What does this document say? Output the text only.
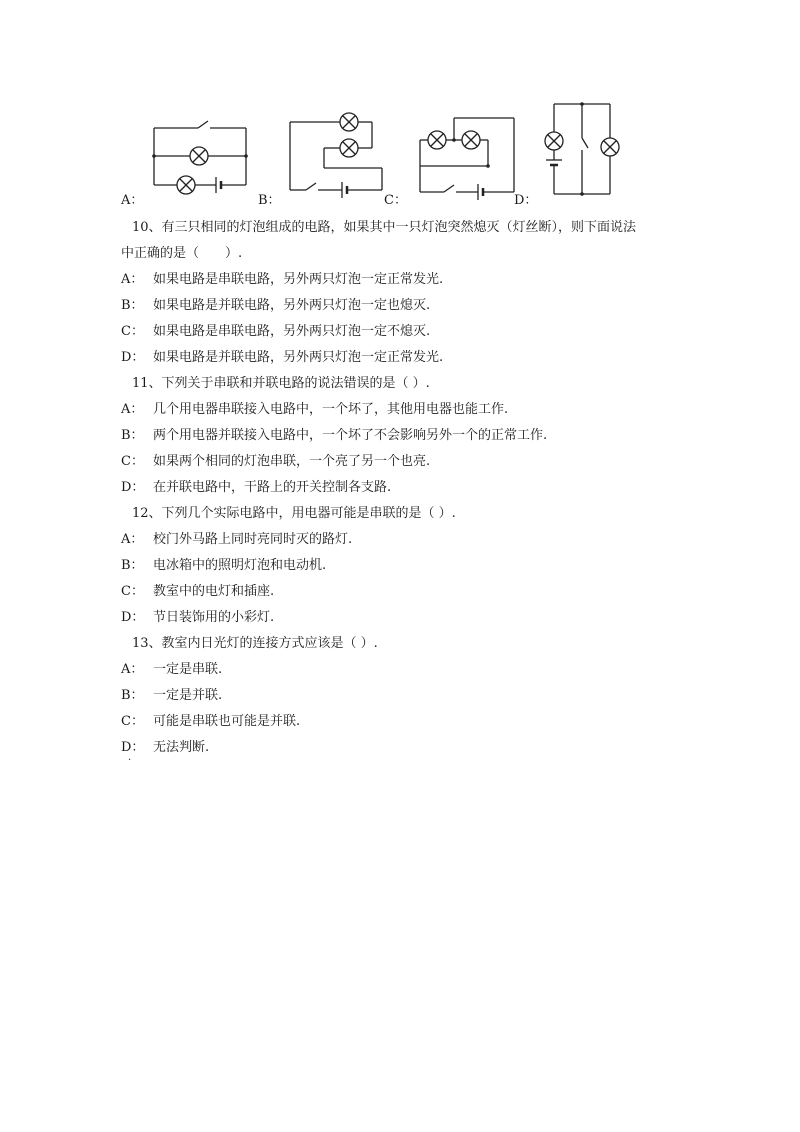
A：	B：	C：	D：
10、有三只相同的灯泡组成的电路，如果其中一只灯泡突然熄灭（灯丝断），则下面说法
中正确的是（　　）.
A： 如果电路是串联电路，另外两只灯泡一定正常发光.
B： 如果电路是并联电路，另外两只灯泡一定也熄灭.
C： 如果电路是串联电路，另外两只灯泡一定不熄灭.
D： 如果电路是并联电路，另外两只灯泡一定正常发光.
11、下列关于串联和并联电路的说法错误的是（ ）.
A： 几个用电器串联接入电路中，一个坏了，其他用电器也能工作.
B： 两个用电器并联接入电路中，一个坏了不会影响另外一个的正常工作.
C： 如果两个相同的灯泡串联，一个亮了另一个也亮.
D： 在并联电路中，干路上的开关控制各支路.
12、下列几个实际电路中，用电器可能是串联的是（ ）.
A： 校门外马路上同时亮同时灭的路灯.
B： 电冰箱中的照明灯泡和电动机.
C： 教室中的电灯和插座.
D： 节日装饰用的小彩灯.
13、教室内日光灯的连接方式应该是（ ）.
A： 一定是串联.
B： 一定是并联.
C： 可能是串联也可能是并联.
D： 无法判断.
.
